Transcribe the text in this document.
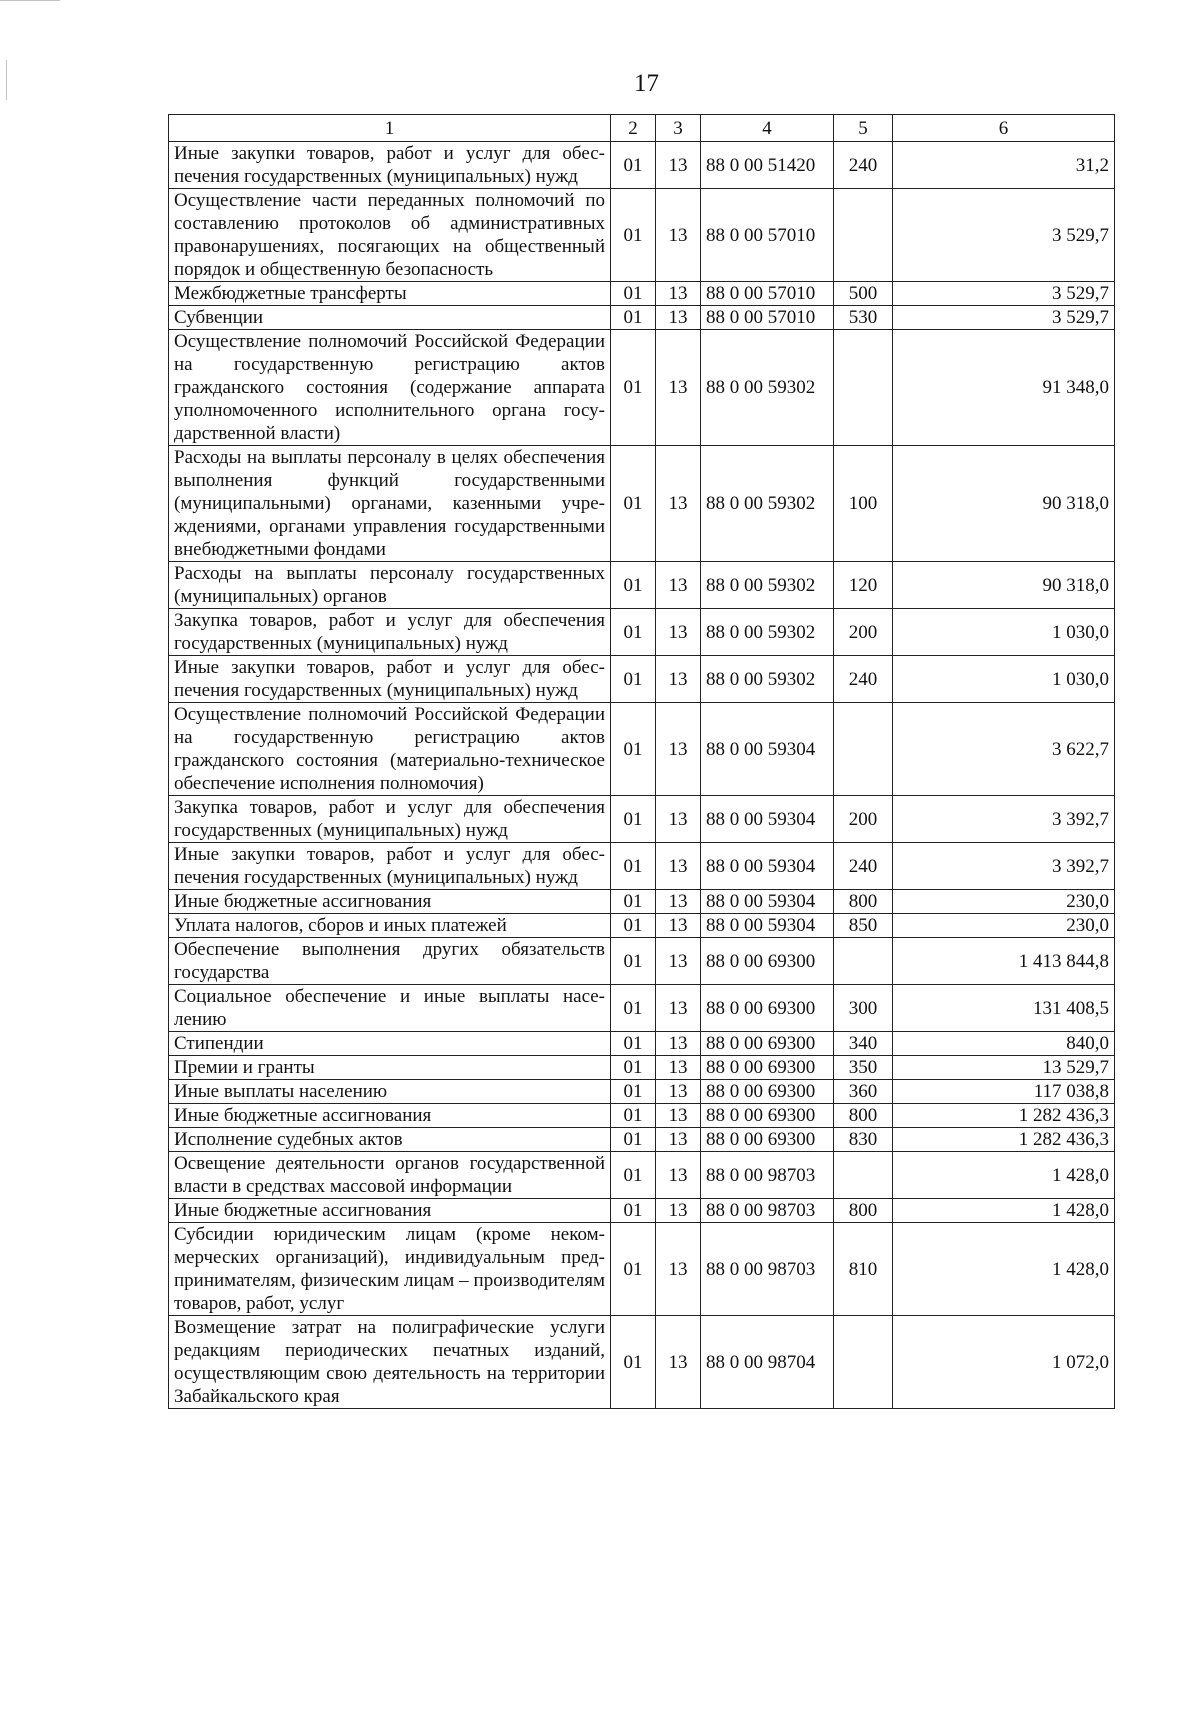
17
1	2	3	4	5	6
Иные закупки товаров, работ и услуг для обеспечения государственных (муниципальных) нужд	01	13	88 0 00 51420	240	31,2
Осуществление части переданных полномочий по составлению протоколов об административных правонарушениях, посягающих на общественный порядок и общественную безопасность	01	13	88 0 00 57010		3 529,7
Межбюджетные трансферты	01	13	88 0 00 57010	500	3 529,7
Субвенции	01	13	88 0 00 57010	530	3 529,7
Осуществление полномочий Российской Федерации на государственную регистрацию актов гражданского состояния (содержание аппарата уполномоченного исполнительного органа государственной власти)	01	13	88 0 00 59302		91 348,0
Расходы на выплаты персоналу в целях обеспечения выполнения функций государственными (муниципальными) органами, казенными учреждениями, органами управления государственными внебюджетными фондами	01	13	88 0 00 59302	100	90 318,0
Расходы на выплаты персоналу государственных (муниципальных) органов	01	13	88 0 00 59302	120	90 318,0
Закупка товаров, работ и услуг для обеспечения государственных (муниципальных) нужд	01	13	88 0 00 59302	200	1 030,0
Иные закупки товаров, работ и услуг для обеспечения государственных (муниципальных) нужд	01	13	88 0 00 59302	240	1 030,0
Осуществление полномочий Российской Федерации на государственную регистрацию актов гражданского состояния (материально-техническое обеспечение исполнения полномочия)	01	13	88 0 00 59304		3 622,7
Закупка товаров, работ и услуг для обеспечения государственных (муниципальных) нужд	01	13	88 0 00 59304	200	3 392,7
Иные закупки товаров, работ и услуг для обеспечения государственных (муниципальных) нужд	01	13	88 0 00 59304	240	3 392,7
Иные бюджетные ассигнования	01	13	88 0 00 59304	800	230,0
Уплата налогов, сборов и иных платежей	01	13	88 0 00 59304	850	230,0
Обеспечение выполнения других обязательств государства	01	13	88 0 00 69300		1 413 844,8
Социальное обеспечение и иные выплаты населению	01	13	88 0 00 69300	300	131 408,5
Стипендии	01	13	88 0 00 69300	340	840,0
Премии и гранты	01	13	88 0 00 69300	350	13 529,7
Иные выплаты населению	01	13	88 0 00 69300	360	117 038,8
Иные бюджетные ассигнования	01	13	88 0 00 69300	800	1 282 436,3
Исполнение судебных актов	01	13	88 0 00 69300	830	1 282 436,3
Освещение деятельности органов государственной власти в средствах массовой информации	01	13	88 0 00 98703		1 428,0
Иные бюджетные ассигнования	01	13	88 0 00 98703	800	1 428,0
Субсидии юридическим лицам (кроме некоммерческих организаций), индивидуальным предпринимателям, физическим лицам – производителям товаров, работ, услуг	01	13	88 0 00 98703	810	1 428,0
Возмещение затрат на полиграфические услуги редакциям периодических печатных изданий, осуществляющим свою деятельность на территории Забайкальского края	01	13	88 0 00 98704		1 072,0
